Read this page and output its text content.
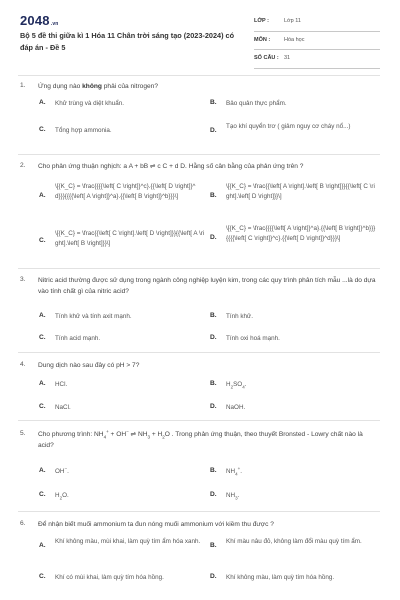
2048.vn
Bộ 5 đề thi giữa kì 1 Hóa 11 Chân trời sáng tạo (2023-2024) có đáp án - Đề 5
LỚP :	Lớp 11
MÔN :	Hóa học
SỐ CÂU : 31
1. Ứng dụng nào không phải của nitrogen?
A. Khử trùng và diệt khuẩn.	B. Bảo quản thực phẩm.
C. Tổng hợp ammonia.	D.
Tạo khí quyển trơ ( giảm nguy cơ cháy nổ...)
2. Cho phản ứng thuận nghịch: a A + bB ⇌ c C + d D. Hằng số cân bằng của phản ứng trên ?
A.
\[{K_C} = \frac{{{{\left[ C \right]}^c}.{{\left[ D \right]}^d}}}{{{{\left[ A \right]}^a}.{{\left[ B \right]}^b}}}\]	B.
\[{K_C} = \frac{{\left[ A \right].\left[ B \right]}}{{\left[ C \right].\left[ D \right]}}\]
C.
\[{K_C} = \frac{{\left[ C \right].\left[ D \right]}}{{\left[ A \right].\left[ B \right]}}\]
D.
\[{K_C} = \frac{{{{\left[ A \right]}^a}.{{\left[ B \right]}^b}}}{{{{\left[ C \right]}^c}.{{\left[ D \right]}^d}}}\]
3. Nitric acid thường được sử dụng trong ngành công nghiệp luyện kim, trong các quy trình phân tích mẫu ...là do dựa vào tính chất gì của nitric acid?
A. Tính khử và tính axit mạnh.	B. Tính khử.
C. Tính acid mạnh.	D. Tính oxi hoá mạnh.
4. Dung dịch nào sau đây có pH > 7?
A. HCl.	B. $H_2SO_4$.
C. NaCl.	D. NaOH.
5. Cho phương trình: $NH_4^+ + OH^-$ ⇌ $NH_3 + H_2O$ . Trong phản ứng thuận, theo thuyết Bronsted - Lowry chất nào là acid?
A. OH−.	B. $NH_4^+$.
C. $H_2O$.	D. $NH_3$.
6. Để nhận biết muối ammonium ta đun nóng muối ammonium với kiềm thu được ?
A.
Khí không màu, mùi khai, làm quỳ tím ẩm hóa xanh.
B.
Khí màu nâu đỏ, không làm đổi màu quỳ tím ẩm.
C. Khí có mùi khai, làm quỳ tím hóa hồng.	D. Khí không màu, làm quỳ tím hóa hồng.
